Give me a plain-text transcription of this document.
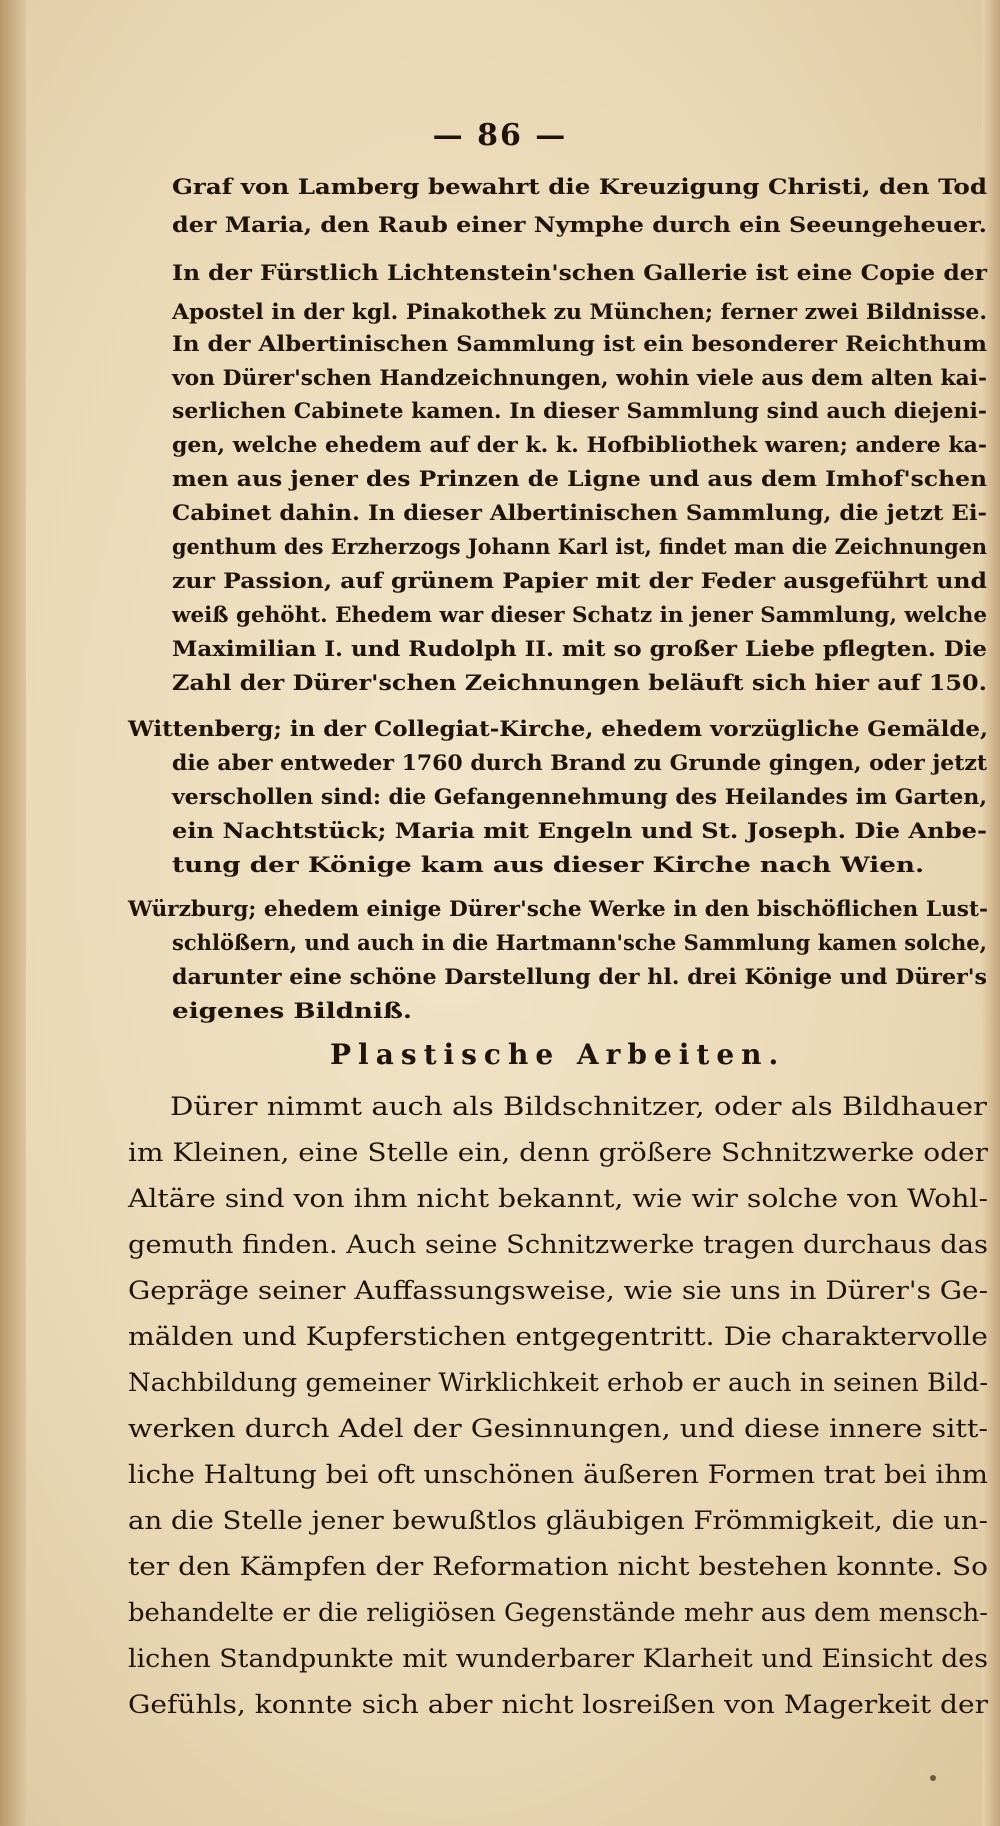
— 86 —
Graf von Lamberg bewahrt die Kreuzigung Christi, den Tod
der Maria, den Raub einer Nymphe durch ein Seeungeheuer.
In der Fürstlich Lichtenstein'schen Gallerie ist eine Copie der
Apostel in der kgl. Pinakothek zu München; ferner zwei Bildnisse.
In der Albertinischen Sammlung ist ein besonderer Reichthum
von Dürer'schen Handzeichnungen, wohin viele aus dem alten kai-
serlichen Cabinete kamen. In dieser Sammlung sind auch diejeni-
gen, welche ehedem auf der k. k. Hofbibliothek waren; andere ka-
men aus jener des Prinzen de Ligne und aus dem Imhof'schen
Cabinet dahin. In dieser Albertinischen Sammlung, die jetzt Ei-
genthum des Erzherzogs Johann Karl ist, findet man die Zeichnungen
zur Passion, auf grünem Papier mit der Feder ausgeführt und
weiß gehöht. Ehedem war dieser Schatz in jener Sammlung, welche
Maximilian I. und Rudolph II. mit so großer Liebe pflegten. Die
Zahl der Dürer'schen Zeichnungen beläuft sich hier auf 150.
Wittenberg; in der Collegiat-Kirche, ehedem vorzügliche Gemälde,
die aber entweder 1760 durch Brand zu Grunde gingen, oder jetzt
verschollen sind: die Gefangennehmung des Heilandes im Garten,
ein Nachtstück; Maria mit Engeln und St. Joseph. Die Anbe-
tung der Könige kam aus dieser Kirche nach Wien.
Würzburg; ehedem einige Dürer'sche Werke in den bischöflichen Lust-
schlößern, und auch in die Hartmann'sche Sammlung kamen solche,
darunter eine schöne Darstellung der hl. drei Könige und Dürer's
eigenes Bildniß.
Plastische Arbeiten.
Dürer nimmt auch als Bildschnitzer, oder als Bildhauer
im Kleinen, eine Stelle ein, denn größere Schnitzwerke oder
Altäre sind von ihm nicht bekannt, wie wir solche von Wohl-
gemuth finden. Auch seine Schnitzwerke tragen durchaus das
Gepräge seiner Auffassungsweise, wie sie uns in Dürer's Ge-
mälden und Kupferstichen entgegentritt. Die charaktervolle
Nachbildung gemeiner Wirklichkeit erhob er auch in seinen Bild-
werken durch Adel der Gesinnungen, und diese innere sitt-
liche Haltung bei oft unschönen äußeren Formen trat bei ihm
an die Stelle jener bewußtlos gläubigen Frömmigkeit, die un-
ter den Kämpfen der Reformation nicht bestehen konnte. So
behandelte er die religiösen Gegenstände mehr aus dem mensch-
lichen Standpunkte mit wunderbarer Klarheit und Einsicht des
Gefühls, konnte sich aber nicht losreißen von Magerkeit der
